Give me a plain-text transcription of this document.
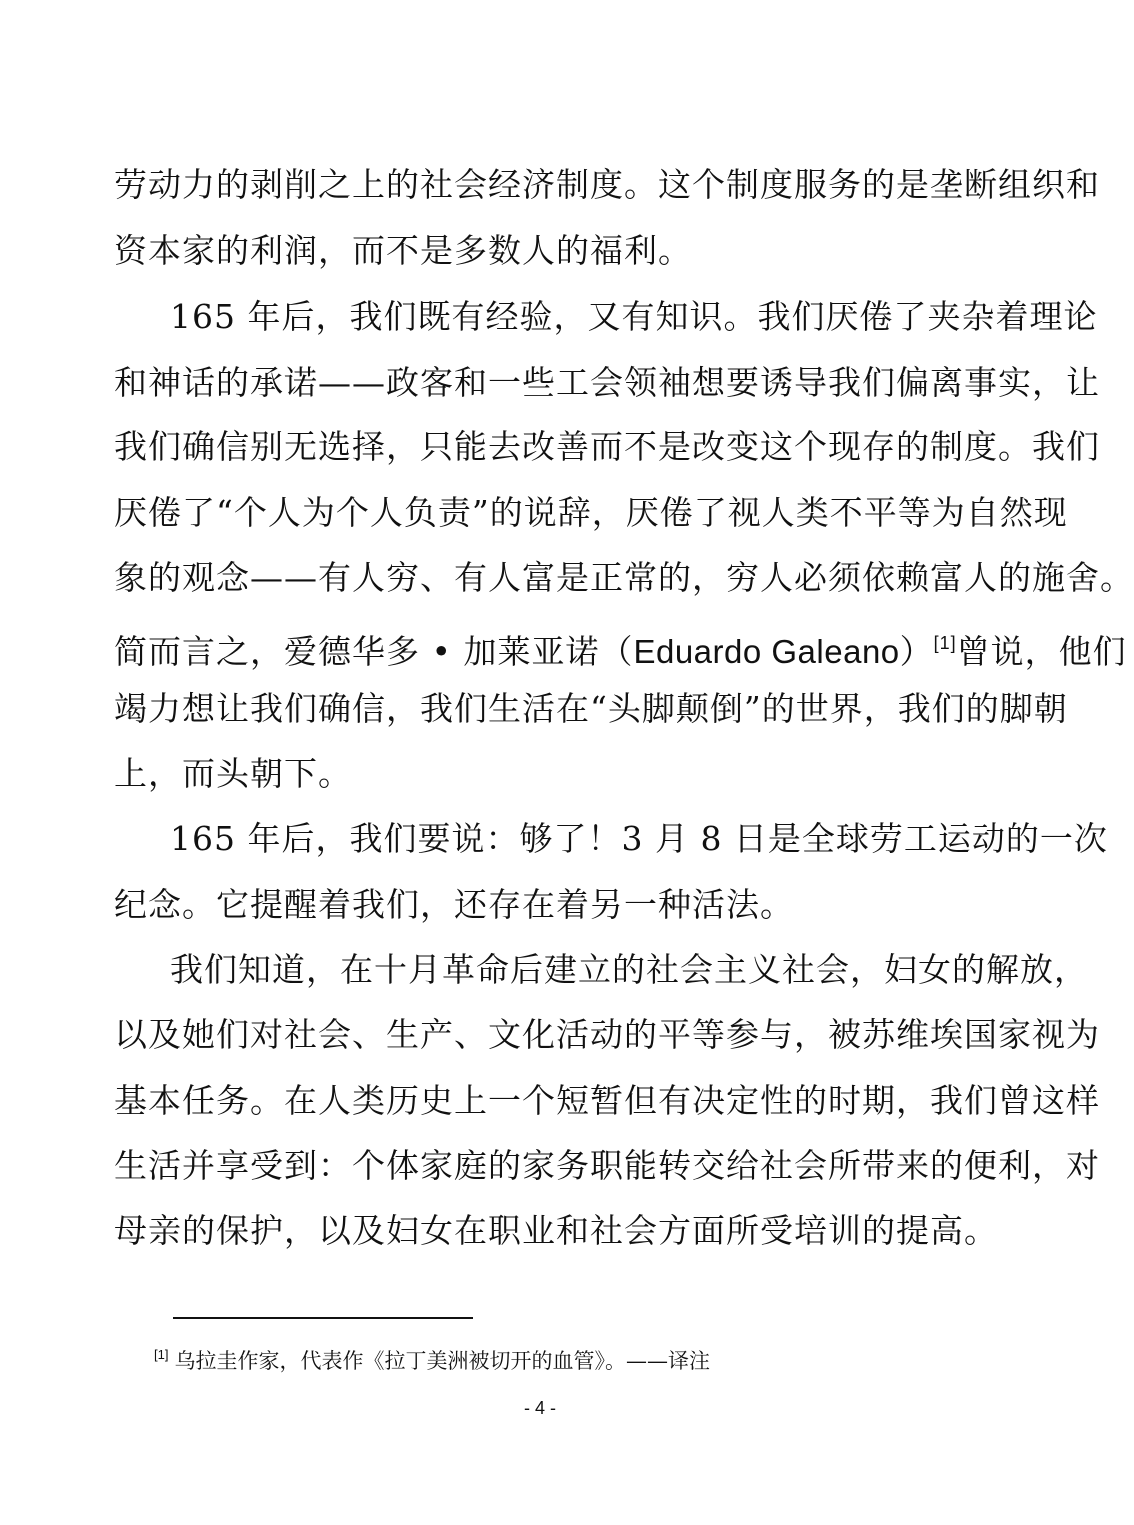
劳动力的剥削之上的社会经济制度。这个制度服务的是垄断组织和
资本家的利润，而不是多数人的福利。
165 年后，我们既有经验，又有知识。我们厌倦了夹杂着理论
和神话的承诺——政客和一些工会领袖想要诱导我们偏离事实，让
我们确信别无选择，只能去改善而不是改变这个现存的制度。我们
厌倦了“个人为个人负责”的说辞，厌倦了视人类不平等为自然现
象的观念——有人穷、有人富是正常的，穷人必须依赖富人的施舍。
简而言之，爱德华多 • 加莱亚诺（Eduardo Galeano）[1]曾说，他们
竭力想让我们确信，我们生活在“头脚颠倒”的世界，我们的脚朝
上，而头朝下。
165 年后，我们要说：够了！3 月 8 日是全球劳工运动的一次
纪念。它提醒着我们，还存在着另一种活法。
我们知道，在十月革命后建立的社会主义社会，妇女的解放，
以及她们对社会、生产、文化活动的平等参与，被苏维埃国家视为
基本任务。在人类历史上一个短暂但有决定性的时期，我们曾这样
生活并享受到：个体家庭的家务职能转交给社会所带来的便利，对
母亲的保护，以及妇女在职业和社会方面所受培训的提高。
[1] 乌拉圭作家，代表作《拉丁美洲被切开的血管》。——译注
- 4 -
